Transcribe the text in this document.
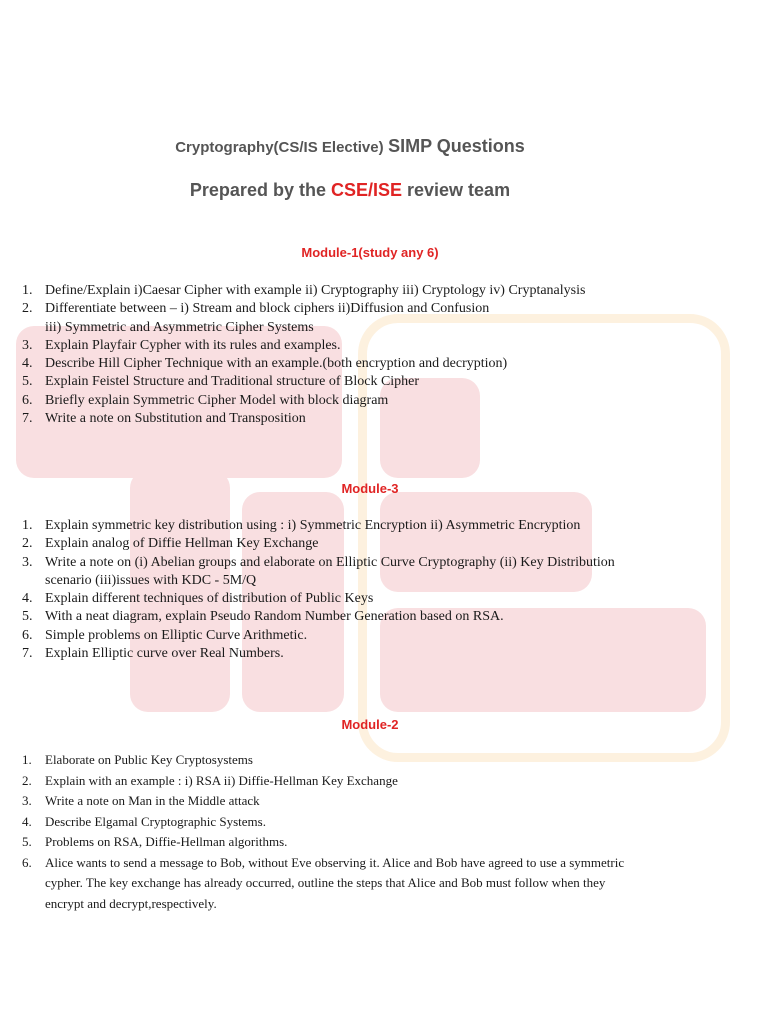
Cryptography(CS/IS Elective) SIMP Questions
Prepared by the CSE/ISE review team
Module-1(study any 6)
1. Define/Explain i)Caesar Cipher with example ii) Cryptography iii) Cryptology iv) Cryptanalysis
2. Differentiate between – i) Stream and block ciphers ii)Diffusion and Confusion
iii) Symmetric and Asymmetric Cipher Systems
3. Explain Playfair Cypher with its rules and examples.
4. Describe Hill Cipher Technique with an example.(both encryption and decryption)
5. Explain Feistel Structure and Traditional structure of Block Cipher
6. Briefly explain Symmetric Cipher Model with block diagram
7. Write a note on Substitution and Transposition
Module-3
1. Explain symmetric key distribution using : i) Symmetric Encryption ii) Asymmetric Encryption
2. Explain analog of Diffie Hellman Key Exchange
3. Write a note on (i) Abelian groups and elaborate on Elliptic Curve Cryptography (ii) Key Distribution
scenario (iii)issues with KDC - 5M/Q
4. Explain different techniques of distribution of Public Keys
5. With a neat diagram, explain Pseudo Random Number Generation based on RSA.
6. Simple problems on Elliptic Curve Arithmetic.
7. Explain Elliptic curve over Real Numbers.
Module-2
1. Elaborate on Public Key Cryptosystems
2. Explain with an example : i) RSA ii) Diffie-Hellman Key Exchange
3. Write a note on Man in the Middle attack
4. Describe Elgamal Cryptographic Systems.
5. Problems on RSA, Diffie-Hellman algorithms.
6. Alice wants to send a message to Bob, without Eve observing it. Alice and Bob have agreed to use a symmetric
cypher. The key exchange has already occurred, outline the steps that Alice and Bob must follow when they
encrypt and decrypt,respectively.
